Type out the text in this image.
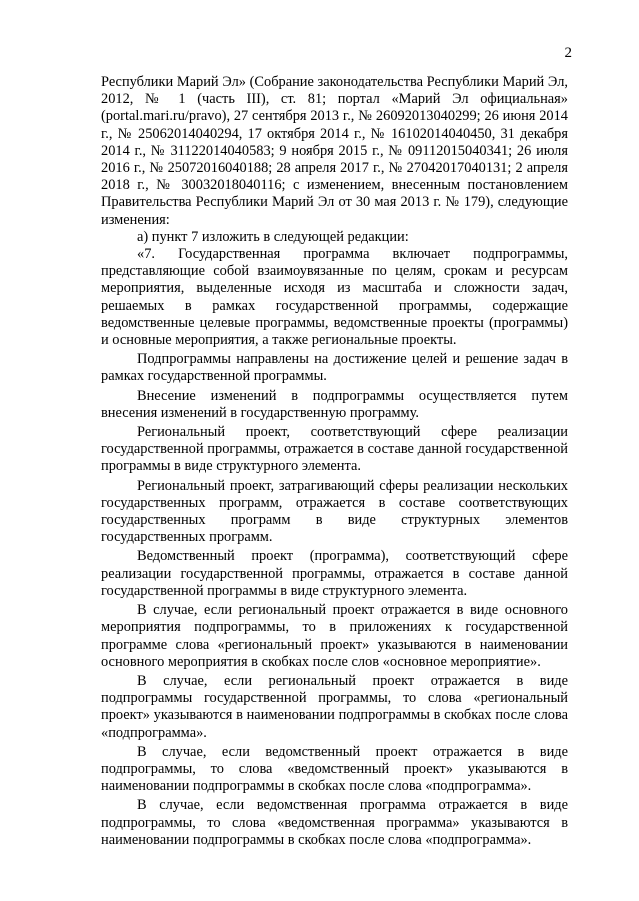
2

Республики Марий Эл» (Собрание законодательства Республики Марий Эл, 2012, № 1 (часть III), ст. 81; портал «Марий Эл официальная» (portal.mari.ru/pravo), 27 сентября 2013 г., № 26092013040299; 26 июня 2014 г., № 25062014040294, 17 октября 2014 г., № 16102014040450, 31 декабря 2014 г., № 31122014040583; 9 ноября 2015 г., № 09112015040341; 26 июля 2016 г., № 25072016040188; 28 апреля 2017 г., № 27042017040131; 2 апреля 2018 г., № 30032018040116; с изменением, внесенным постановлением Правительства Республики Марий Эл от 30 мая 2013 г. № 179), следующие изменения:

а) пункт 7 изложить в следующей редакции:

«7. Государственная программа включает подпрограммы, представляющие собой взаимоувязанные по целям, срокам и ресурсам мероприятия, выделенные исходя из масштаба и сложности задач, решаемых в рамках государственной программы, содержащие ведомственные целевые программы, ведомственные проекты (программы) и основные мероприятия, а также региональные проекты.

Подпрограммы направлены на достижение целей и решение задач в рамках государственной программы.

Внесение изменений в подпрограммы осуществляется путем внесения изменений в государственную программу.

Региональный проект, соответствующий сфере реализации государственной программы, отражается в составе данной государственной программы в виде структурного элемента.

Региональный проект, затрагивающий сферы реализации нескольких государственных программ, отражается в составе соответствующих государственных программ в виде структурных элементов государственных программ.

Ведомственный проект (программа), соответствующий сфере реализации государственной программы, отражается в составе данной государственной программы в виде структурного элемента.

В случае, если региональный проект отражается в виде основного мероприятия подпрограммы, то в приложениях к государственной программе слова «региональный проект» указываются в наименовании основного мероприятия в скобках после слов «основное мероприятие».

В случае, если региональный проект отражается в виде подпрограммы государственной программы, то слова «региональный проект» указываются в наименовании подпрограммы в скобках после слова «подпрограмма».

В случае, если ведомственный проект отражается в виде подпрограммы, то слова «ведомственный проект» указываются в наименовании подпрограммы в скобках после слова «подпрограмма».

В случае, если ведомственная программа отражается в виде подпрограммы, то слова «ведомственная программа» указываются в наименовании подпрограммы в скобках после слова «подпрограмма».
